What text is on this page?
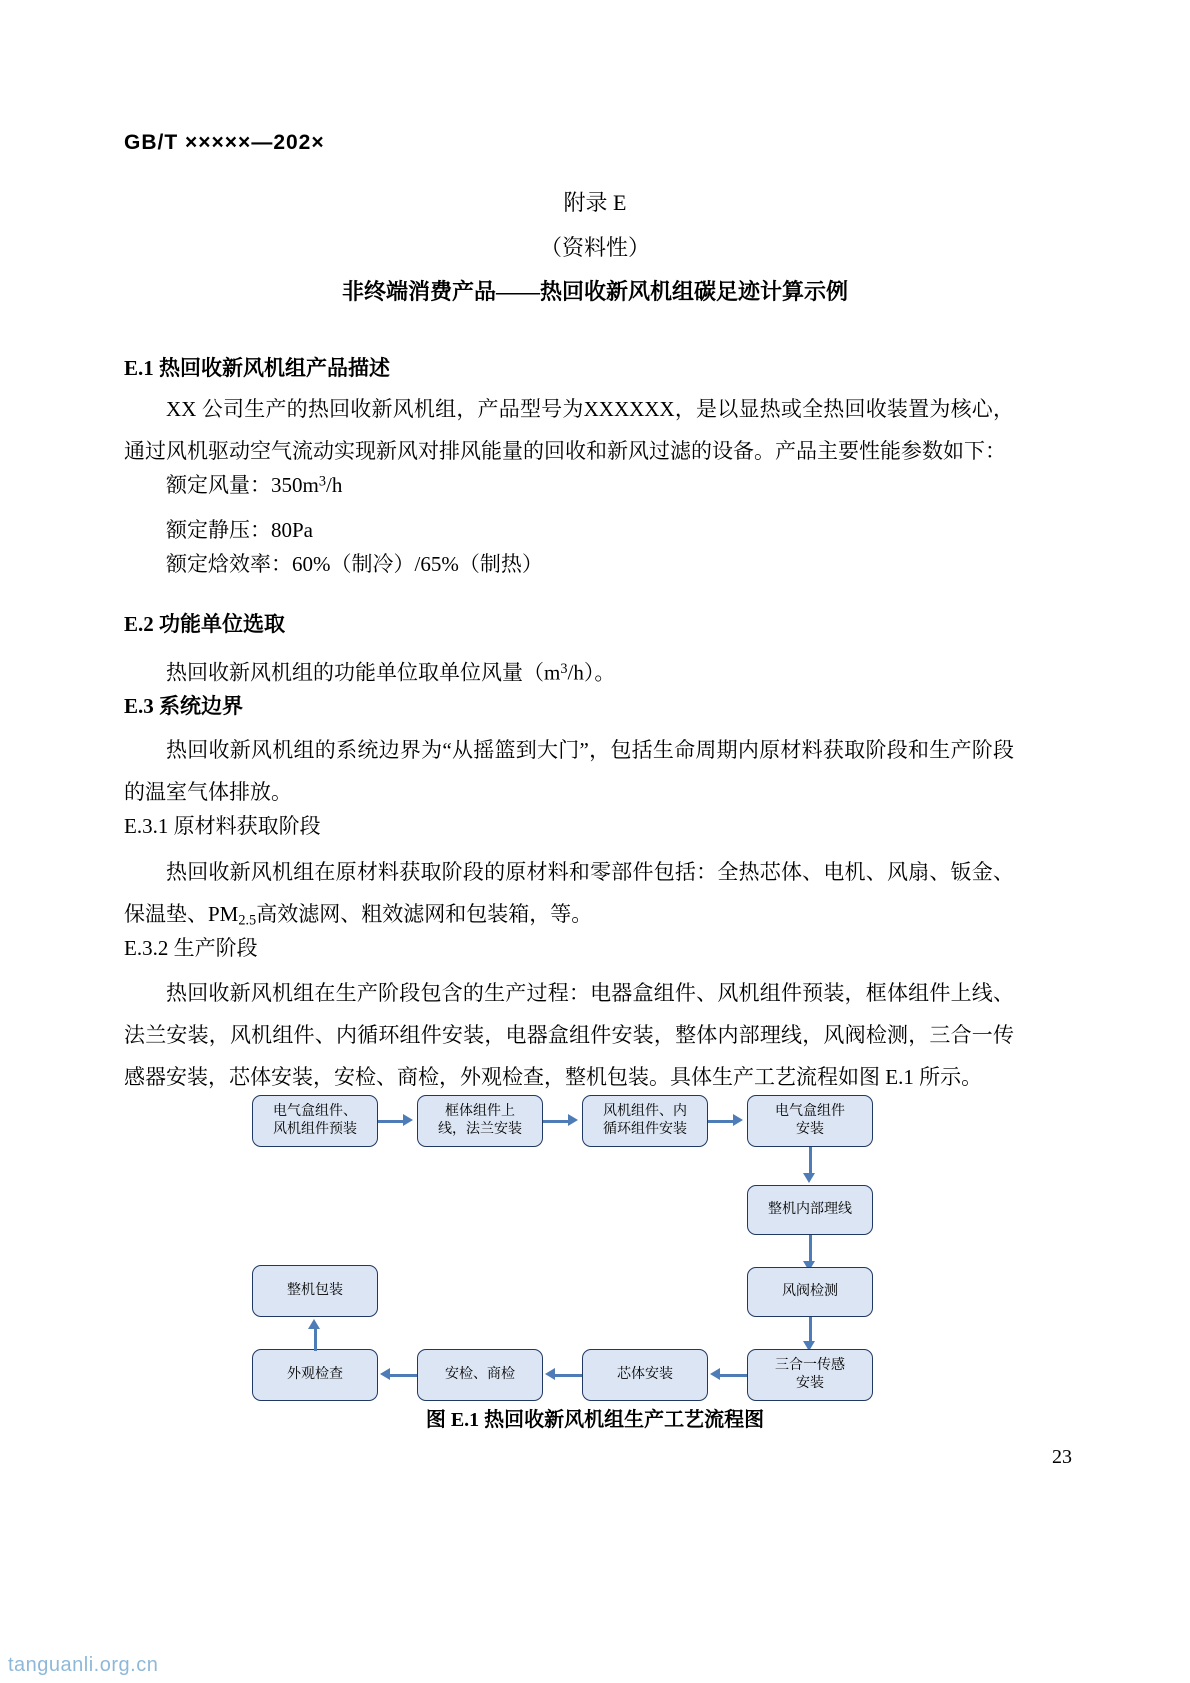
GB/T ×××××—202×
附录 E
（资料性）
非终端消费产品——热回收新风机组碳足迹计算示例
E.1 热回收新风机组产品描述
XX 公司生产的热回收新风机组，产品型号为XXXXXX，是以显热或全热回收装置为核心，通过风机驱动空气流动实现新风对排风能量的回收和新风过滤的设备。产品主要性能参数如下：
额定风量：$350m^3/h$
额定静压：80Pa
额定焓效率：60%（制冷）/65%（制热）
E.2 功能单位选取
热回收新风机组的功能单位取单位风量$(m^3/h)$。
E.3 系统边界
热回收新风机组的系统边界为“从摇篮到大门”，包括生命周期内原材料获取阶段和生产阶段的温室气体排放。
E.3.1 原材料获取阶段
热回收新风机组在原材料获取阶段的原材料和零部件包括：全热芯体、电机、风扇、钣金、保温垫、$PM_{2.5}$高效滤网、粗效滤网和包装箱，等。
E.3.2 生产阶段
热回收新风机组在生产阶段包含的生产过程：电器盒组件、风机组件预装，框体组件上线、法兰安装，风机组件、内循环组件安装，电器盒组件安装，整体内部理线，风阀检测，三合一传感器安装，芯体安装，安检、商检，外观检查，整机包装。具体生产工艺流程如图 E.1 所示。
电气盒组件、
风机组件预装
框体组件上
线，法兰安装
风机组件、内
循环组件安装
电气盒组件
安装
整机内部理线
风阀检测
三合一传感
安装
芯体安装
安检、商检
外观检查
整机包装
图 E.1 热回收新风机组生产工艺流程图
23
tanguanli.org.cn
